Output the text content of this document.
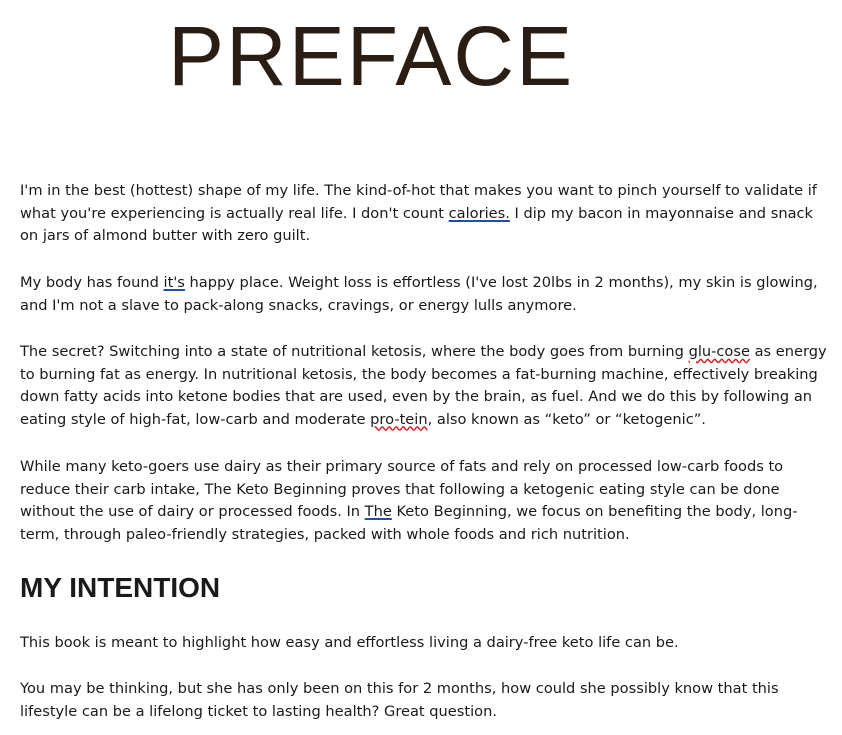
PREFACE

I'm in the best (hottest) shape of my life. The kind-of-hot that makes you want to pinch yourself to validate if what you're experiencing is actually real life. I don't count calories. I dip my bacon in mayonnaise and snack on jars of almond butter with zero guilt.

My body has found it's happy place. Weight loss is effortless (I've lost 20lbs in 2 months), my skin is glowing, and I'm not a slave to pack-along snacks, cravings, or energy lulls anymore.

The secret? Switching into a state of nutritional ketosis, where the body goes from burning glu-cose as energy to burning fat as energy. In nutritional ketosis, the body becomes a fat-burning machine, effectively breaking down fatty acids into ketone bodies that are used, even by the brain, as fuel. And we do this by following an eating style of high-fat, low-carb and moderate pro-tein, also known as “keto” or “ketogenic”.

While many keto-goers use dairy as their primary source of fats and rely on processed low-carb foods to reduce their carb intake, The Keto Beginning proves that following a ketogenic eating style can be done without the use of dairy or processed foods. In The Keto Beginning, we focus on benefiting the body, long-term, through paleo-friendly strategies, packed with whole foods and rich nutrition.

MY INTENTION

This book is meant to highlight how easy and effortless living a dairy-free keto life can be.

You may be thinking, but she has only been on this for 2 months, how could she possibly know that this lifestyle can be a lifelong ticket to lasting health? Great question.
